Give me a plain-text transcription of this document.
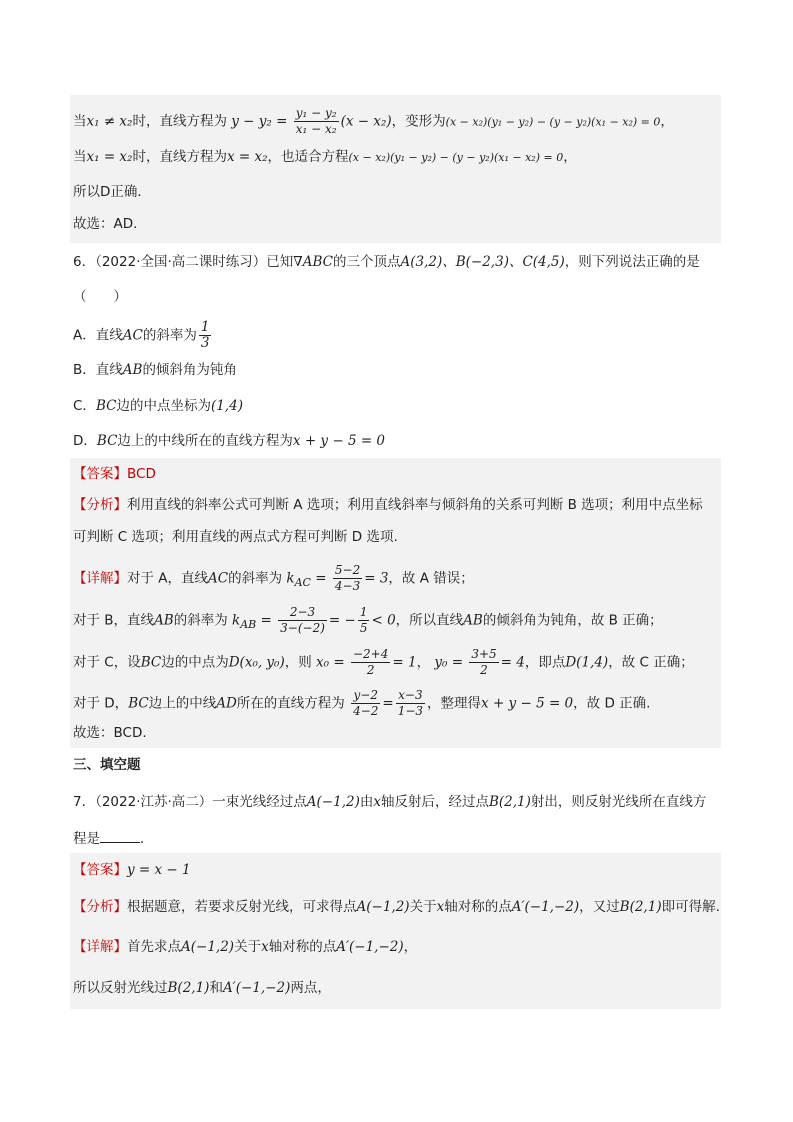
当x₁ ≠ x₂时，直线方程为 $y - y_2 = \frac{\text{y₁ − y₂}}{\text{x₁ − x₂}} (x - x_2)$，变形为(x − x₂)(y₁ − y₂) − (y − y₂)(x₁ − x₂) = 0，
当x₁ = x₂时，直线方程为x = x₂，也适合方程(x − x₂)(y₁ − y₂) − (y − y₂)(x₁ − x₂) = 0，
所以D正确．
故选：AD．
6．（2022·全国·高二课时练习）已知∇ABC的三个顶点A(3,2)、B(−2,3)、C(4,5)，则下列说法正确的是
（　　）
A．直线AC的斜率为 $\frac{1}{3}$
B．直线AB的倾斜角为钝角
C．BC边的中点坐标为(1,4)
D．BC边上的中线所在的直线方程为x + y − 5 = 0
【答案】BCD
【分析】利用直线的斜率公式可判断 A 选项；利用直线斜率与倾斜角的关系可判断 B 选项；利用中点坐标
可判断 C 选项；利用直线的两点式方程可判断 D 选项.
【详解】对于 A，直线AC的斜率为 $k_{AC} = \frac{5-2}{4-3} = 3$，故 A 错误；
对于 B，直线AB的斜率为 $k_{AB} = \frac{2-3}{3-(-2)}$ = − $\frac{1}{5} < 0$，所以直线AB的倾斜角为钝角，故 B 正确；
对于 C，设BC边的中点为D(x₀, y₀)，则 $x_0 = \frac{-2+4}{2} = 1$， $y_0 = \frac{3+5}{2} = 4$，即点D(1,4)，故 C 正确；
对于 D，BC边上的中线AD所在的直线方程为 $\frac{y-2}{4-2} = \frac{x-3}{1-3}$ ，整理得x + y − 5 = 0，故 D 正确.
故选：BCD.
三、填空题
7．（2022·江苏·高二）一束光线经过点A(−1,2)由x轴反射后，经过点B(2,1)射出，则反射光线所在直线方
程是	．
【答案】y = x − 1
【分析】根据题意，若要求反射光线，可求得点A(−1,2)关于x轴对称的点A′(−1,−2)，又过B(2,1)即可得解.
【详解】首先求点A(−1,2)关于x轴对称的点A′(−1,−2)，
所以反射光线过B(2,1)和A′(−1,−2)两点，
